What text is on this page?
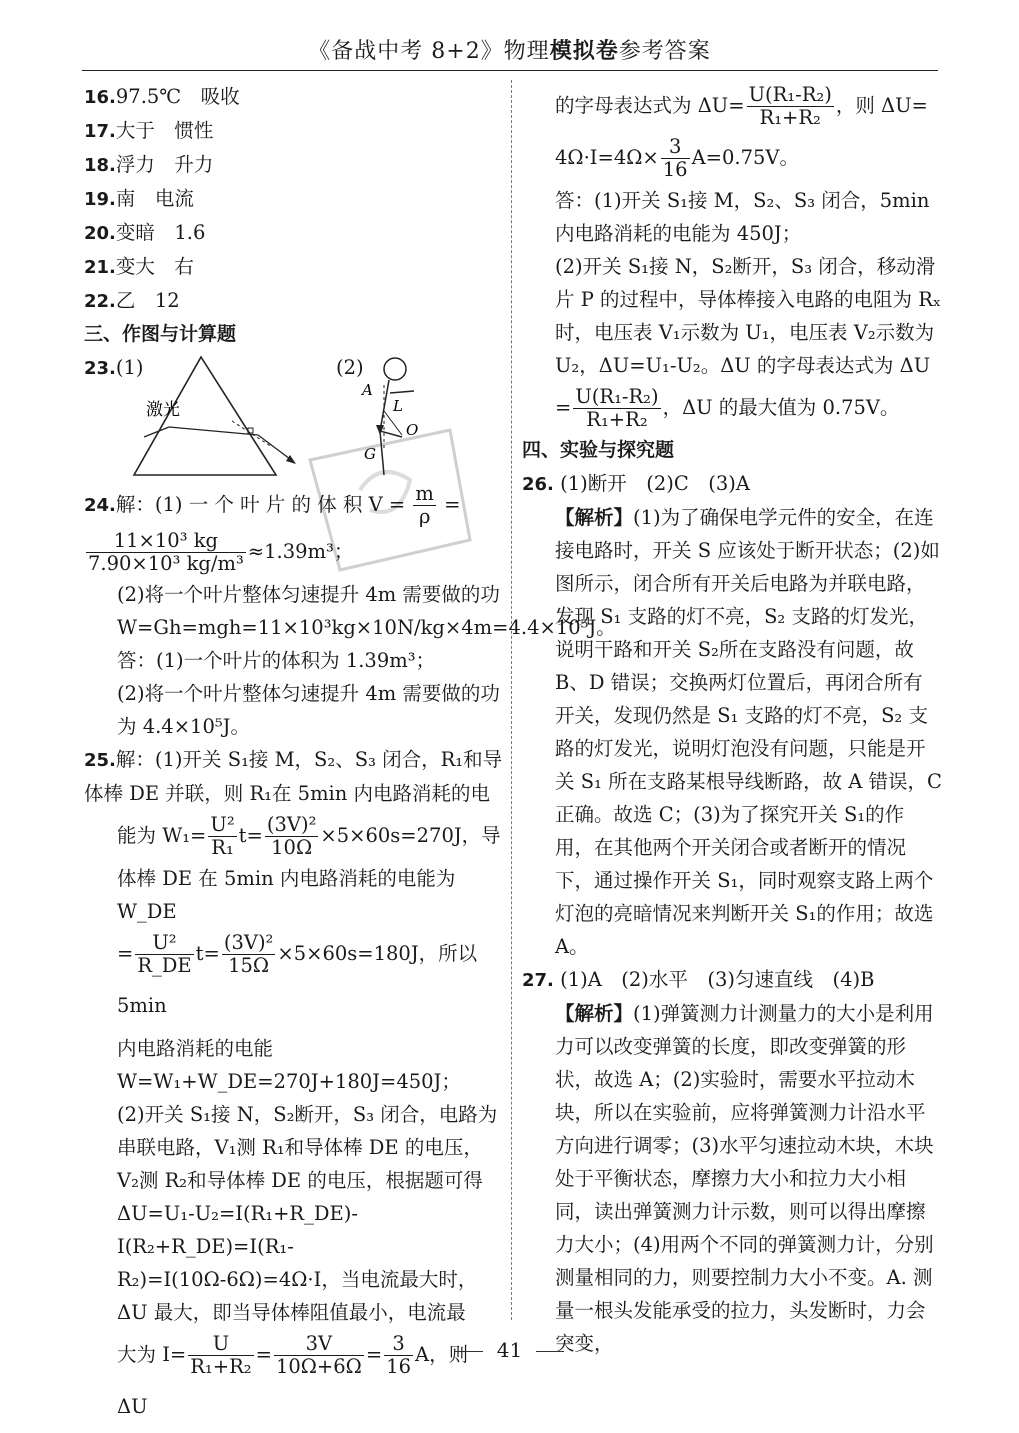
《备战中考 8+2》物理模拟卷参考答案

16.97.5℃　吸收

17.大于　惯性

18.浮力　升力

19.南　电流

20.变暗　1.6

21.变大　右

22.乙　12

三、作图与计算题

23.(1)	(2)
激光
A
L
O
G

24.解：(1) 一 个 叶 片 的 体 积 $V = \frac{m}{\rho}$ =

$\frac{\text{11×10³ kg}}{\text{7.90×10³ kg/m³}} \approx 1.39m^3$；

(2)将一个叶片整体匀速提升 4m 需要做的功 W=Gh=mgh=11×10³kg×10N/kg×4m=4.4×10⁵J。

答：(1)一个叶片的体积为 1.39m³；

(2)将一个叶片整体匀速提升 4m 需要做的功为 4.4×10⁵J。

25.解：(1)开关 S₁接 M，S₂、S₃ 闭合，R₁和导体棒 DE 并联，则 R₁在 5min 内电路消耗的电

能为 $W_1= \frac{\text{U²}}{\text{R₁}} t= \frac{\text{(3V)²}}{10\Omega} \times 5\times 60s=270J$，导

体棒 DE 在 5min 内电路消耗的电能为 W_DE

= $\frac{\text{U²}}{R\_DE} t= \frac{\text{(3V)²}}{15\Omega} \times 5\times 60s=180J$，所以 5min

内电路消耗的电能 W=W₁+W_DE=270J+180J=450J；

(2)开关 S₁接 N，S₂断开，S₃ 闭合，电路为串联电路，V₁测 R₁和导体棒 DE 的电压，V₂测 R₂和导体棒 DE 的电压，根据题可得 ΔU=U₁-U₂=I(R₁+R_DE)-I(R₂+R_DE)=I(R₁-R₂)=I(10Ω-6Ω)=4Ω·I，当电流最大时，ΔU 最大，即当导体棒阻值最小，电流最

大为 $I= \frac{U}{\text{R₁+R₂}} = \frac{3V}{10\Omega+6\Omega} = \frac{3}{16}$ A，则 ΔU

的字母表达式为 $\Delta U= \frac{\text{U(R₁-R₂)}}{\text{R₁+R₂}}$ ，则 ΔU=

$4\Omega\cdot I=4\Omega\times \frac{3}{16} A=0.75V$。

答：(1)开关 S₁接 M，S₂、S₃ 闭合，5min 内电路消耗的电能为 450J；

(2)开关 S₁接 N，S₂断开，S₃ 闭合，移动滑片 P 的过程中，导体棒接入电路的电阻为 Rₓ 时，电压表 V₁示数为 U₁，电压表 V₂示数为 U₂，ΔU=U₁-U₂。ΔU 的字母表达式为 ΔU

= $\frac{\text{U(R₁-R₂)}}{\text{R₁+R₂}}$ ，ΔU 的最大值为 0.75V。

四、实验与探究题

26. (1)断开　(2)C　(3)A

【解析】(1)为了确保电学元件的安全，在连接电路时，开关 S 应该处于断开状态；(2)如图所示，闭合所有开关后电路为并联电路，发现 S₁ 支路的灯不亮，S₂ 支路的灯发光，说明干路和开关 S₂所在支路没有问题，故 B、D 错误；交换两灯位置后，再闭合所有开关，发现仍然是 S₁ 支路的灯不亮，S₂ 支路的灯发光，说明灯泡没有问题，只能是开关 S₁ 所在支路某根导线断路，故 A 错误，C 正确。故选 C；(3)为了探究开关 S₁的作用，在其他两个开关闭合或者断开的情况下，通过操作开关 S₁，同时观察支路上两个灯泡的亮暗情况来判断开关 S₁的作用；故选 A。

27. (1)A　(2)水平　(3)匀速直线　(4)B

【解析】(1)弹簧测力计测量力的大小是利用力可以改变弹簧的长度，即改变弹簧的形状，故选 A；(2)实验时，需要水平拉动木块，所以在实验前，应将弹簧测力计沿水平方向进行调零；(3)水平匀速拉动木块，木块处于平衡状态，摩擦力大小和拉力大小相同，读出弹簧测力计示数，则可以得出摩擦力大小；(4)用两个不同的弹簧测力计，分别测量相同的力，则要控制力大小不变。A. 测量一根头发能承受的拉力，头发断时，力会突变，

41
